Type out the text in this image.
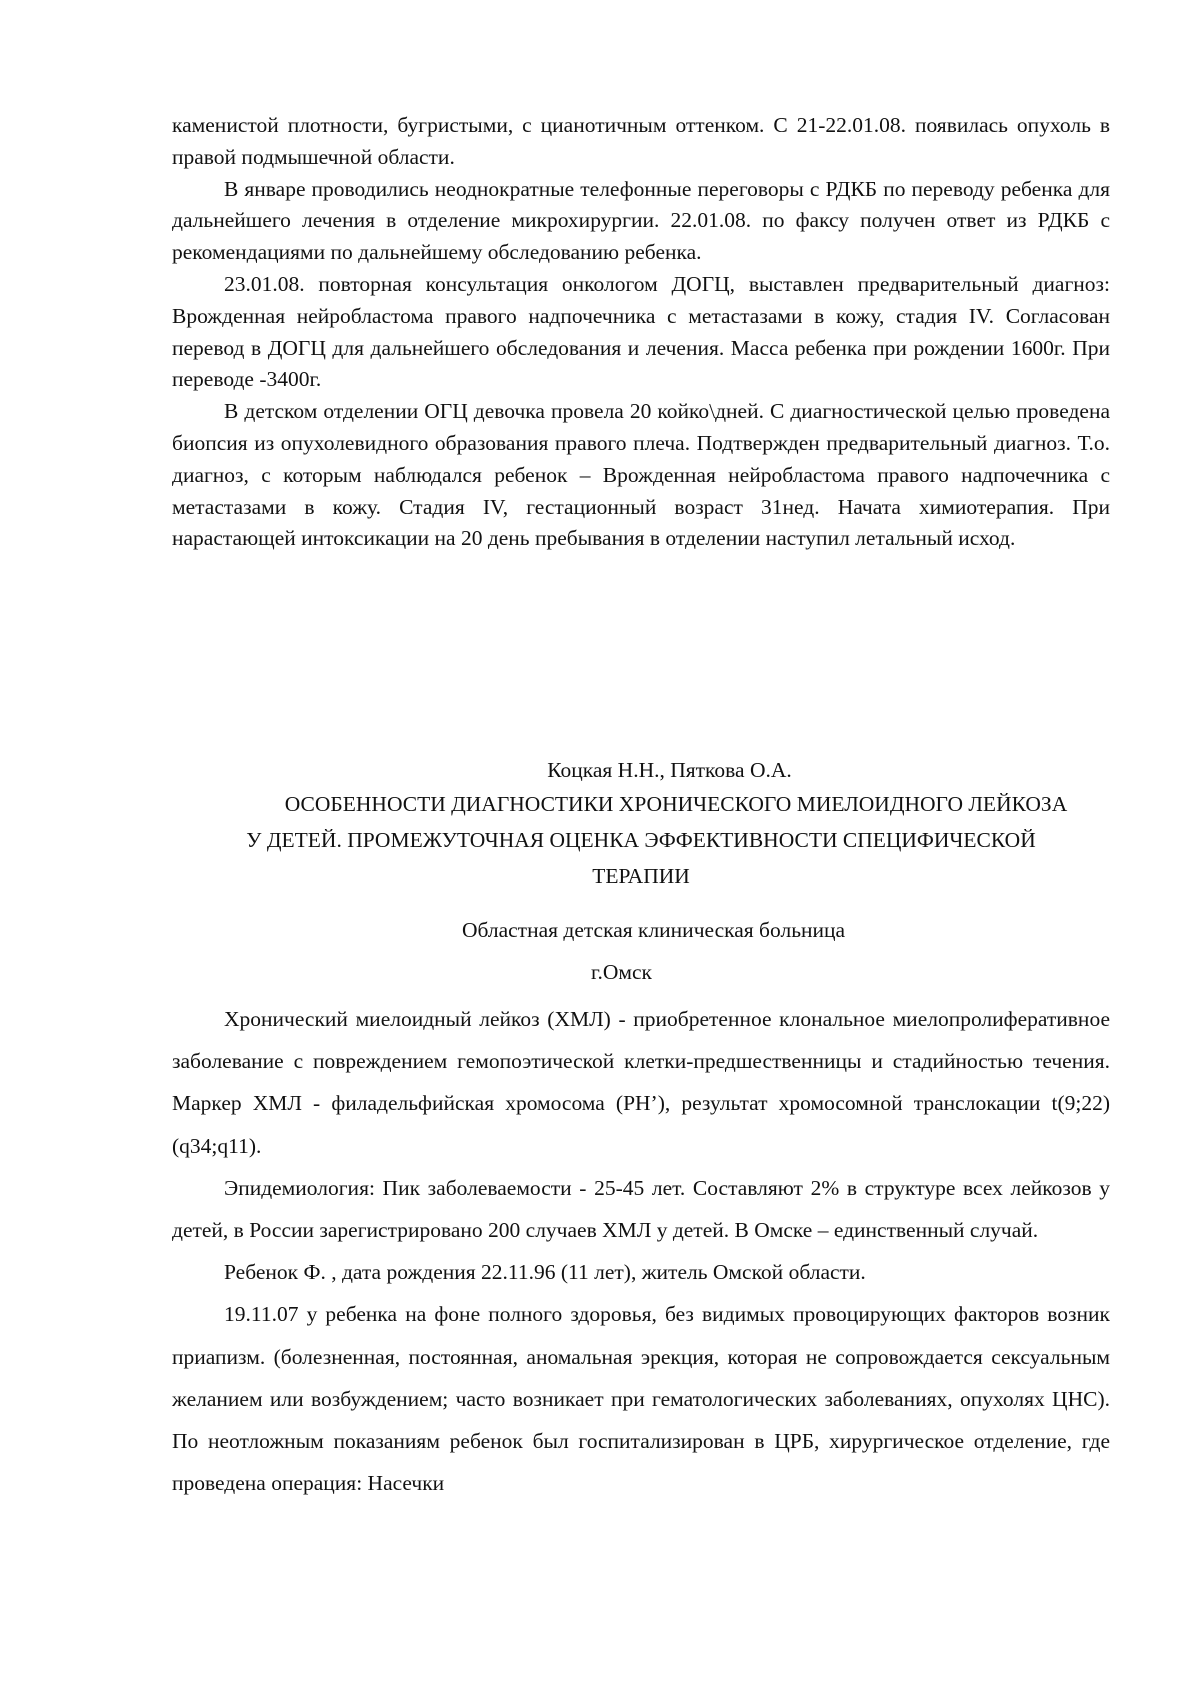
каменистой плотности, бугристыми, с цианотичным оттенком. С 21-22.01.08. появилась опухоль в правой подмышечной области.

В январе проводились неоднократные телефонные переговоры с РДКБ по переводу ребенка для дальнейшего лечения в отделение микрохирургии. 22.01.08. по факсу получен ответ из РДКБ с рекомендациями по дальнейшему обследованию ребенка.

23.01.08. повторная консультация онкологом ДОГЦ, выставлен предварительный диагноз: Врожденная нейробластома правого надпочечника с метастазами в кожу, стадия IV. Согласован перевод в ДОГЦ для дальнейшего обследования и лечения. Масса ребенка при рождении 1600г. При переводе -3400г.

В детском отделении ОГЦ девочка провела 20 койко\дней. С диагностической целью проведена биопсия из опухолевидного образования правого плеча. Подтвержден предварительный диагноз. Т.о. диагноз, с которым наблюдался ребенок – Врожденная нейробластома правого надпочечника с метастазами в кожу. Стадия IV, гестационный возраст 31нед. Начата химиотерапия. При нарастающей интоксикации на 20 день пребывания в отделении наступил летальный исход.

Коцкая Н.Н., Пяткова О.А.

ОСОБЕННОСТИ ДИАГНОСТИКИ ХРОНИЧЕСКОГО МИЕЛОИДНОГО ЛЕЙКОЗА

У ДЕТЕЙ. ПРОМЕЖУТОЧНАЯ ОЦЕНКА ЭФФЕКТИВНОСТИ СПЕЦИФИЧЕСКОЙ

ТЕРАПИИ

Областная детская клиническая больница

г.Омск

Хронический миелоидный лейкоз (ХМЛ) - приобретенное клональное миелопролиферативное заболевание с повреждением гемопоэтической клетки-предшественницы и стадийностью течения. Маркер ХМЛ - филадельфийская хромосома (PH’), результат хромосомной транслокации t(9;22) (q34;q11).

Эпидемиология: Пик заболеваемости - 25-45 лет. Составляют 2% в структуре всех лейкозов у детей, в России зарегистрировано 200 случаев ХМЛ у детей. В Омске – единственный случай.

Ребенок Ф. , дата рождения 22.11.96 (11 лет), житель Омской области.

19.11.07 у ребенка на фоне полного здоровья, без видимых провоцирующих факторов возник приапизм. (болезненная, постоянная, аномальная эрекция, которая не сопровождается сексуальным желанием или возбуждением; часто возникает при гематологических заболеваниях, опухолях ЦНС). По неотложным показаниям ребенок был госпитализирован в ЦРБ, хирургическое отделение, где проведена операция: Насечки
